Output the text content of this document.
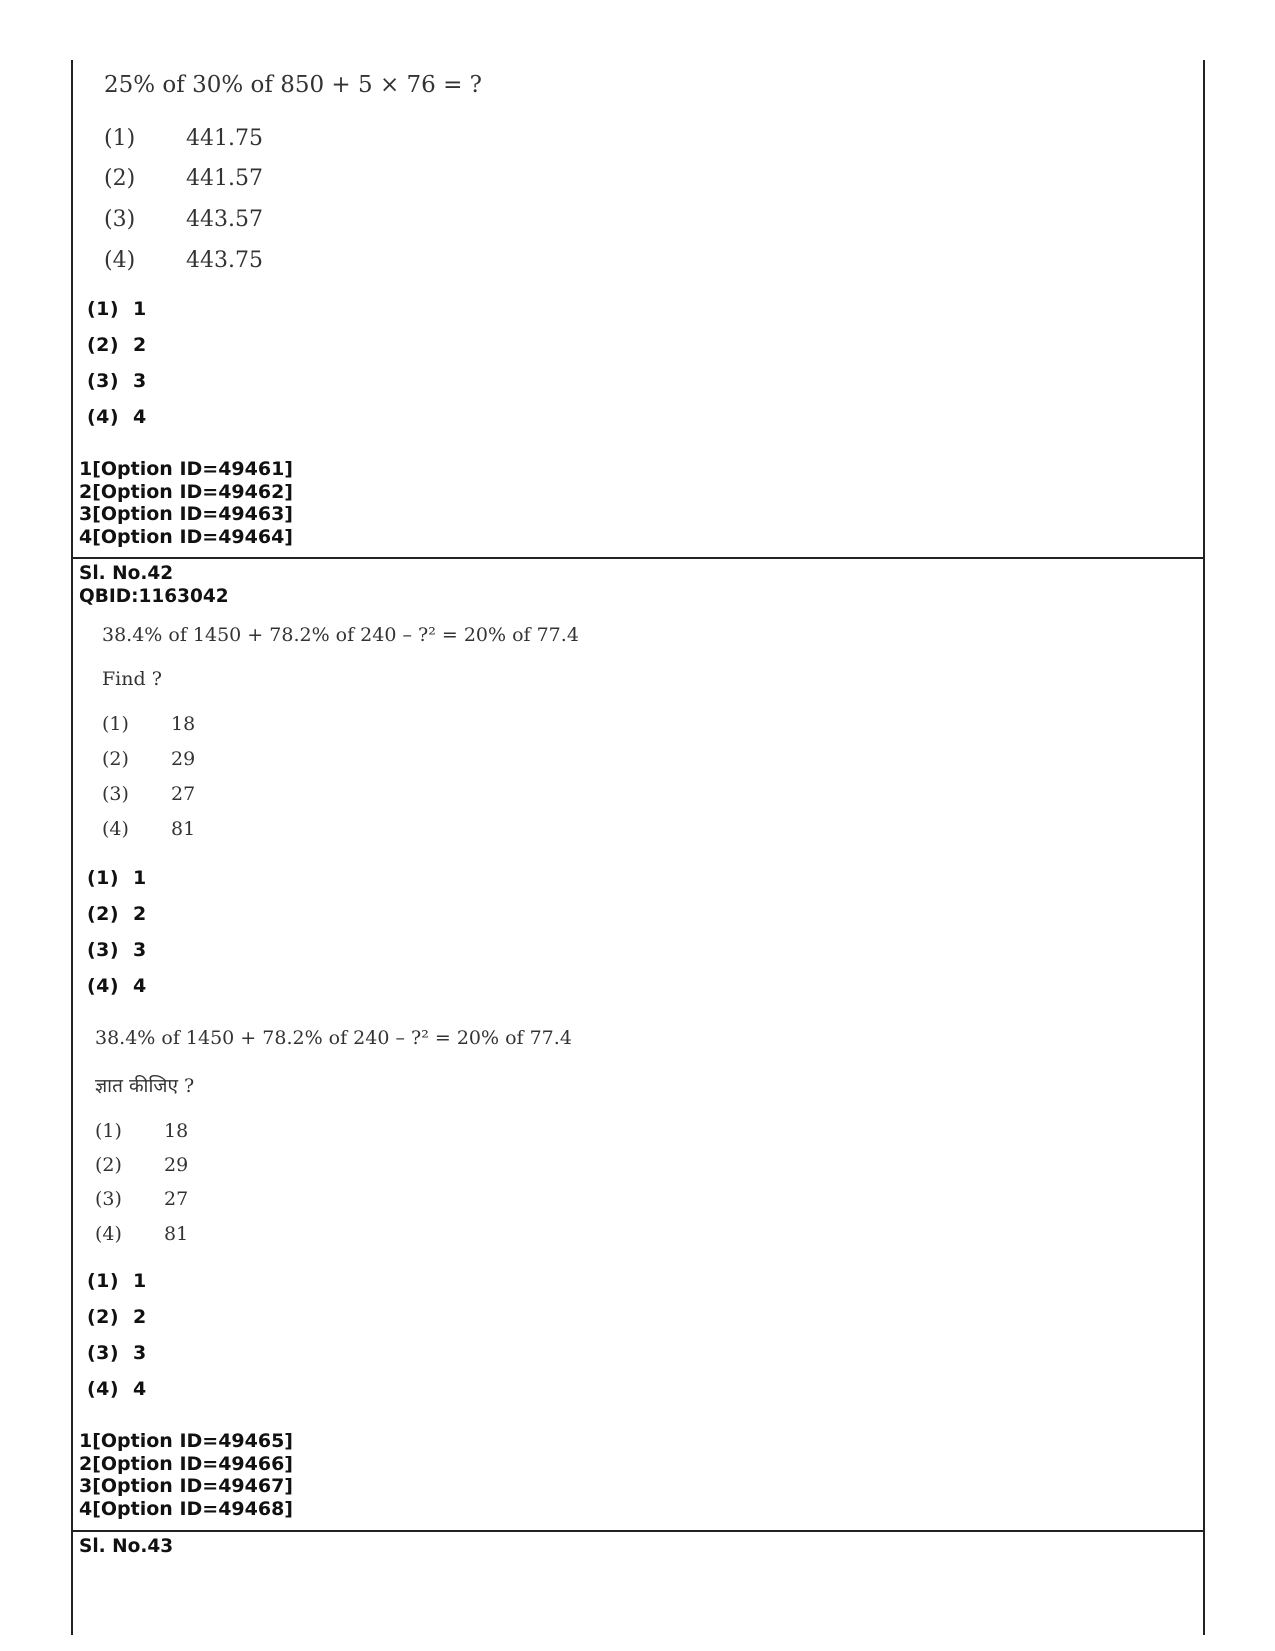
25% of 30% of 850 + 5 × 76 = ?
(1) 441.75
(2) 441.57
(3) 443.57
(4) 443.75
(1) 1
(2) 2
(3) 3
(4) 4
1[Option ID=49461]
2[Option ID=49462]
3[Option ID=49463]
4[Option ID=49464]
Sl. No.42
QBID:1163042
38.4% of 1450 + 78.2% of 240 – ?² = 20% of 77.4
Find ?
(1) 18
(2) 29
(3) 27
(4) 81
(1) 1
(2) 2
(3) 3
(4) 4
38.4% of 1450 + 78.2% of 240 – ?² = 20% of 77.4
ज्ञात कीजिए ?
(1) 18
(2) 29
(3) 27
(4) 81
(1) 1
(2) 2
(3) 3
(4) 4
1[Option ID=49465]
2[Option ID=49466]
3[Option ID=49467]
4[Option ID=49468]
Sl. No.43
